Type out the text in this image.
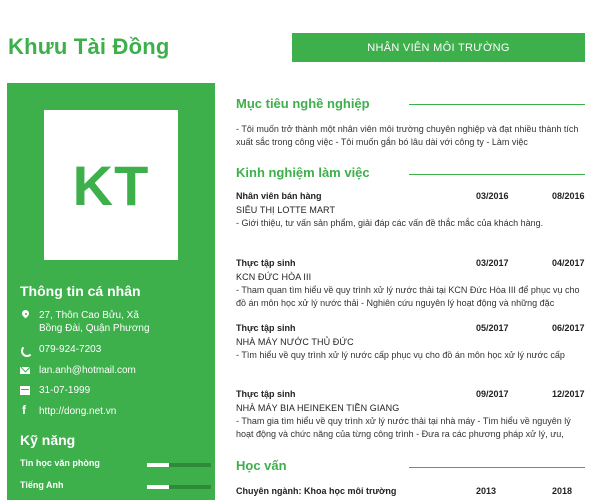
Khưu Tài Đồng	NHÂN VIÊN MÔI TRƯỜNG
KT
Thông tin cá nhân
27, Thôn Cao Bửu, Xã Bồng Đài, Quận Phương
079-924-7203
lan.anh@hotmail.com
31-07-1999
f
http://dong.net.vn
Kỹ năng
Tin học văn phòng
Tiếng Anh
Mục tiêu nghề nghiệp
- Tôi muốn trở thành một nhân viên môi trường chuyên nghiệp và đạt nhiều thành tích xuất sắc trong công việc - Tôi muốn gắn bó lâu dài với công ty - Làm việc
Kinh nghiệm làm việc
Nhân viên bán hàng	03/2016	08/2016
SIÊU THỊ LOTTE MART
- Giới thiệu, tư vấn sản phẩm, giải đáp các vấn đề thắc mắc của khách hàng.
Thực tập sinh	03/2017	04/2017
KCN ĐỨC HÒA III
- Tham quan tìm hiểu về quy trình xử lý nước thải tại KCN Đức Hòa III để phục vụ cho đồ án môn học xử lý nước thải - Nghiên cứu nguyên lý hoạt động và những đặc
Thực tập sinh	05/2017	06/2017
NHÀ MÁY NƯỚC THỦ ĐỨC
- Tìm hiểu về quy trình xử lý nước cấp phục vụ cho đồ án môn học xử lý nước cấp
Thực tập sinh	09/2017	12/2017
NHÀ MÁY BIA HEINEKEN TIỀN GIANG
- Tham gia tìm hiểu về quy trình xử lý nước thải tại nhà máy - Tìm hiểu về nguyên lý hoạt động và chức năng của từng công trình - Đưa ra các phương pháp xử lý, ưu,
Học vấn
Chuyên ngành: Khoa học môi trường	2013	2018
